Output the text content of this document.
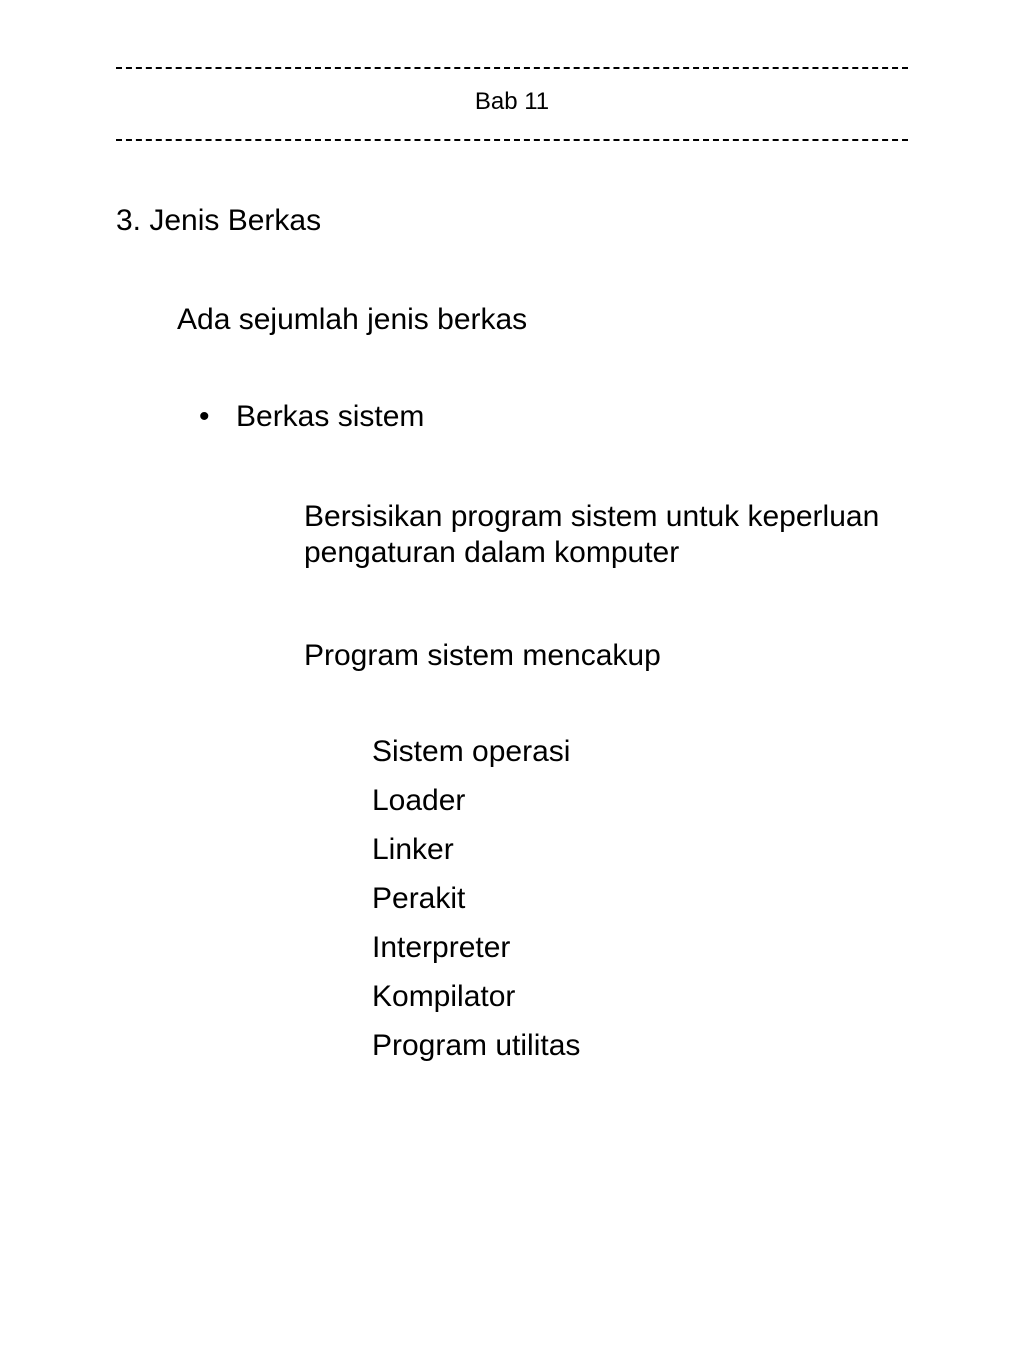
Bab 11
3. Jenis Berkas
Ada sejumlah jenis berkas
• Berkas sistem
Bersisikan program sistem untuk keperluan
pengaturan dalam komputer
Program sistem mencakup
Sistem operasi
Loader
Linker
Perakit
Interpreter
Kompilator
Program utilitas
